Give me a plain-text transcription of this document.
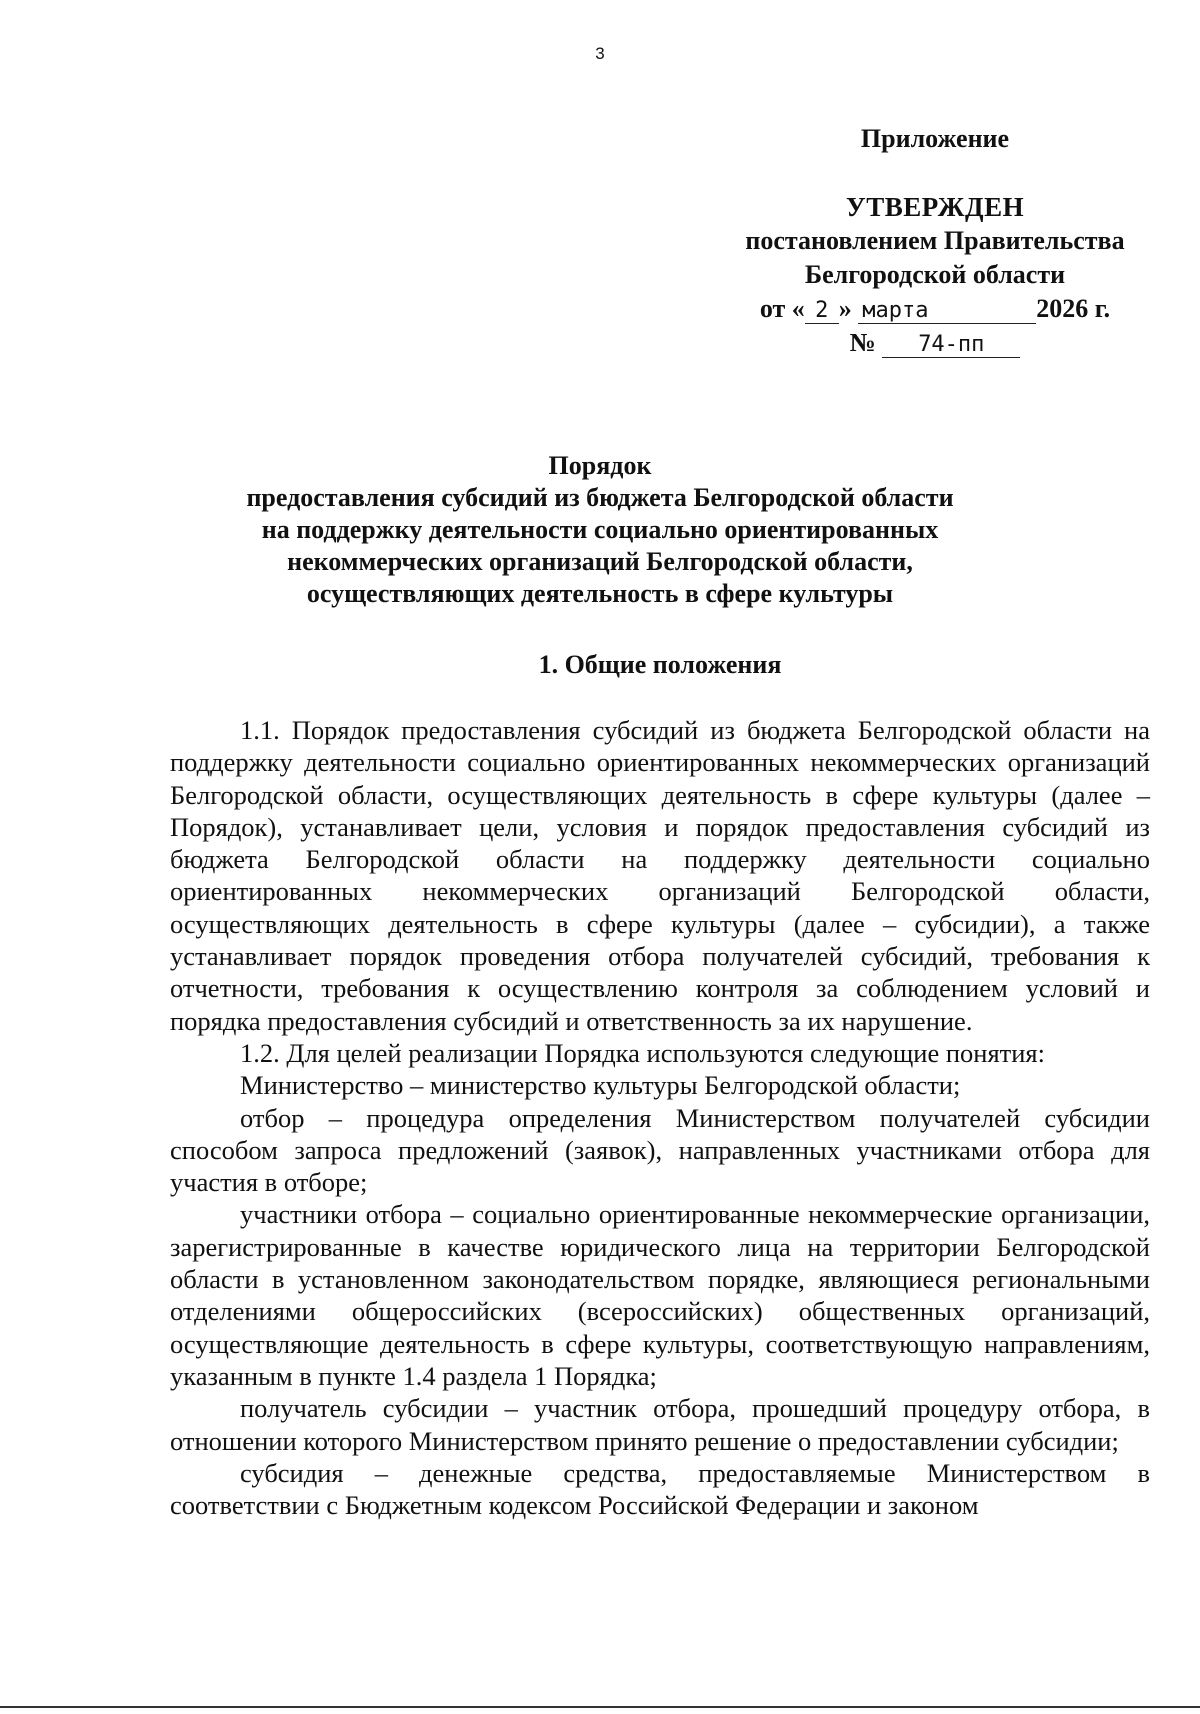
3
Приложение
УТВЕРЖДЕН
постановлением Правительства
Белгородской области
от « 2 » марта	2026 г.
№ 74-пп
Порядок
предоставления субсидий из бюджета Белгородской области
на поддержку деятельности социально ориентированных
некоммерческих организаций Белгородской области,
осуществляющих деятельность в сфере культуры
1. Общие положения

1.1. Порядок предоставления субсидий из бюджета Белгородской области на поддержку деятельности социально ориентированных некоммерческих организаций Белгородской области, осуществляющих деятельность в сфере культуры (далее – Порядок), устанавливает цели, условия и порядок предоставления субсидий из бюджета Белгородской области на поддержку деятельности социально ориентированных некоммерческих организаций Белгородской области, осуществляющих деятельность в сфере культуры (далее – субсидии), а также устанавливает порядок проведения отбора получателей субсидий, требования к отчетности, требования к осуществлению контроля за соблюдением условий и порядка предоставления субсидий и ответственность за их нарушение.

1.2. Для целей реализации Порядка используются следующие понятия:

Министерство – министерство культуры Белгородской области;

отбор – процедура определения Министерством получателей субсидии способом запроса предложений (заявок), направленных участниками отбора для участия в отборе;

участники отбора – социально ориентированные некоммерческие организации, зарегистрированные в качестве юридического лица на территории Белгородской области в установленном законодательством порядке, являющиеся региональными отделениями общероссийских (всероссийских) общественных организаций, осуществляющие деятельность в сфере культуры, соответствующую направлениям, указанным в пункте 1.4 раздела 1 Порядка;

получатель субсидии – участник отбора, прошедший процедуру отбора, в отношении которого Министерством принято решение о предоставлении субсидии;

субсидия – денежные средства, предоставляемые Министерством в соответствии с Бюджетным кодексом Российской Федерации и законом
